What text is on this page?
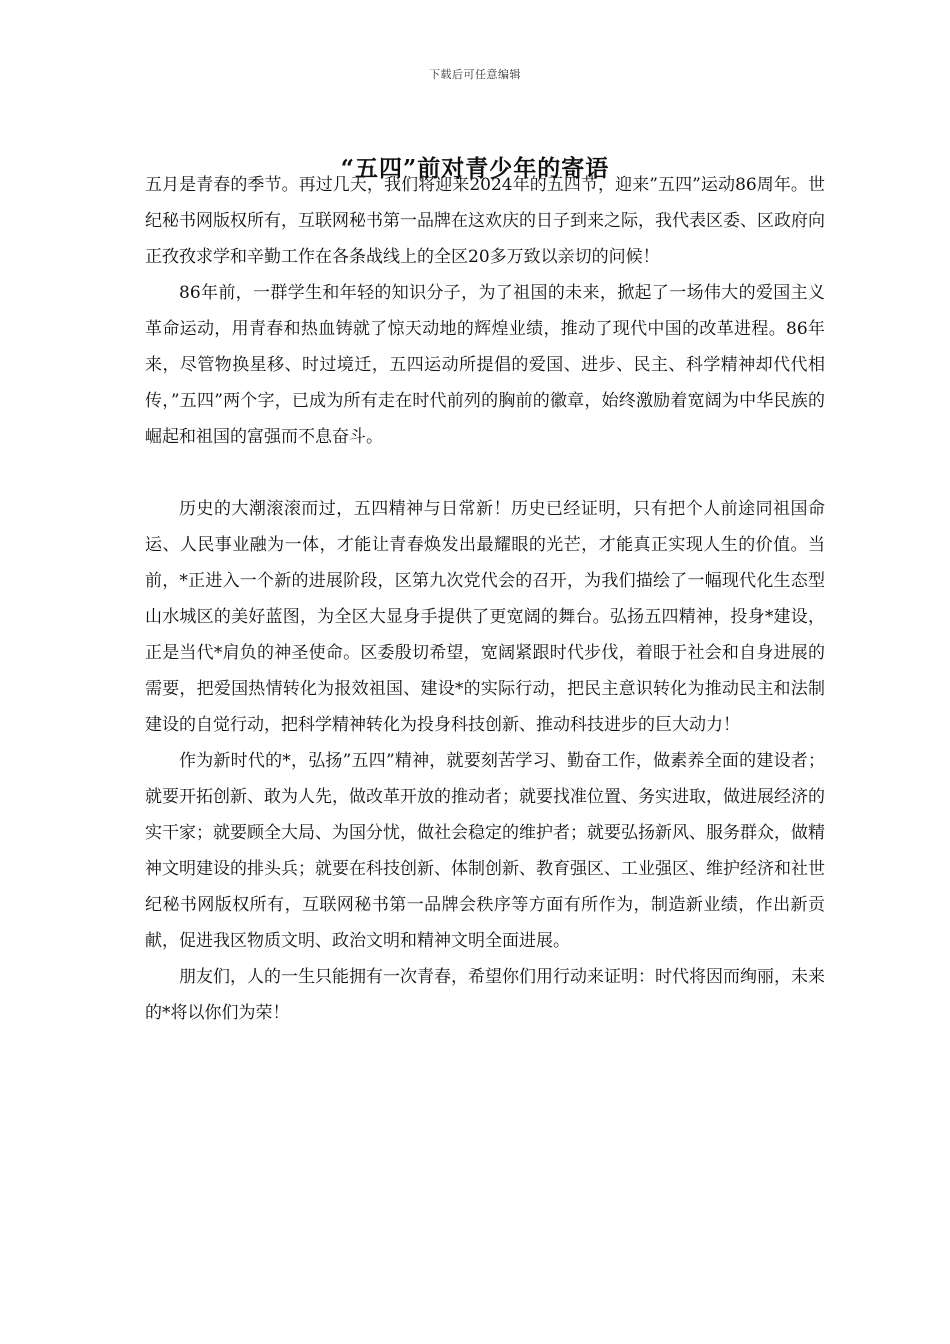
下载后可任意编辑
“五四”前对青少年的寄语

五月是青春的季节。再过几天，我们将迎来2024年的五四节，迎来”五四”运动86周年。世纪秘书网版权所有，互联网秘书第一品牌在这欢庆的日子到来之际，我代表区委、区政府向正孜孜求学和辛勤工作在各条战线上的全区20多万致以亲切的问候！

86年前，一群学生和年轻的知识分子，为了祖国的未来，掀起了一场伟大的爱国主义革命运动，用青春和热血铸就了惊天动地的辉煌业绩，推动了现代中国的改革进程。86年来，尽管物换星移、时过境迁，五四运动所提倡的爱国、进步、民主、科学精神却代代相传，”五四”两个字，已成为所有走在时代前列的胸前的徽章，始终激励着宽阔为中华民族的崛起和祖国的富强而不息奋斗。

历史的大潮滚滚而过，五四精神与日常新！历史已经证明，只有把个人前途同祖国命运、人民事业融为一体，才能让青春焕发出最耀眼的光芒，才能真正实现人生的价值。当前，*正进入一个新的进展阶段，区第九次党代会的召开，为我们描绘了一幅现代化生态型山水城区的美好蓝图，为全区大显身手提供了更宽阔的舞台。弘扬五四精神，投身*建设，正是当代*肩负的神圣使命。区委殷切希望，宽阔紧跟时代步伐，着眼于社会和自身进展的需要，把爱国热情转化为报效祖国、建设*的实际行动，把民主意识转化为推动民主和法制建设的自觉行动，把科学精神转化为投身科技创新、推动科技进步的巨大动力！

作为新时代的*，弘扬”五四”精神，就要刻苦学习、勤奋工作，做素养全面的建设者；就要开拓创新、敢为人先，做改革开放的推动者；就要找准位置、务实进取，做进展经济的实干家；就要顾全大局、为国分忧，做社会稳定的维护者；就要弘扬新风、服务群众，做精神文明建设的排头兵；就要在科技创新、体制创新、教育强区、工业强区、维护经济和社世纪秘书网版权所有，互联网秘书第一品牌会秩序等方面有所作为，制造新业绩，作出新贡献，促进我区物质文明、政治文明和精神文明全面进展。

朋友们，人的一生只能拥有一次青春，希望你们用行动来证明：时代将因而绚丽，未来的*将以你们为荣！
